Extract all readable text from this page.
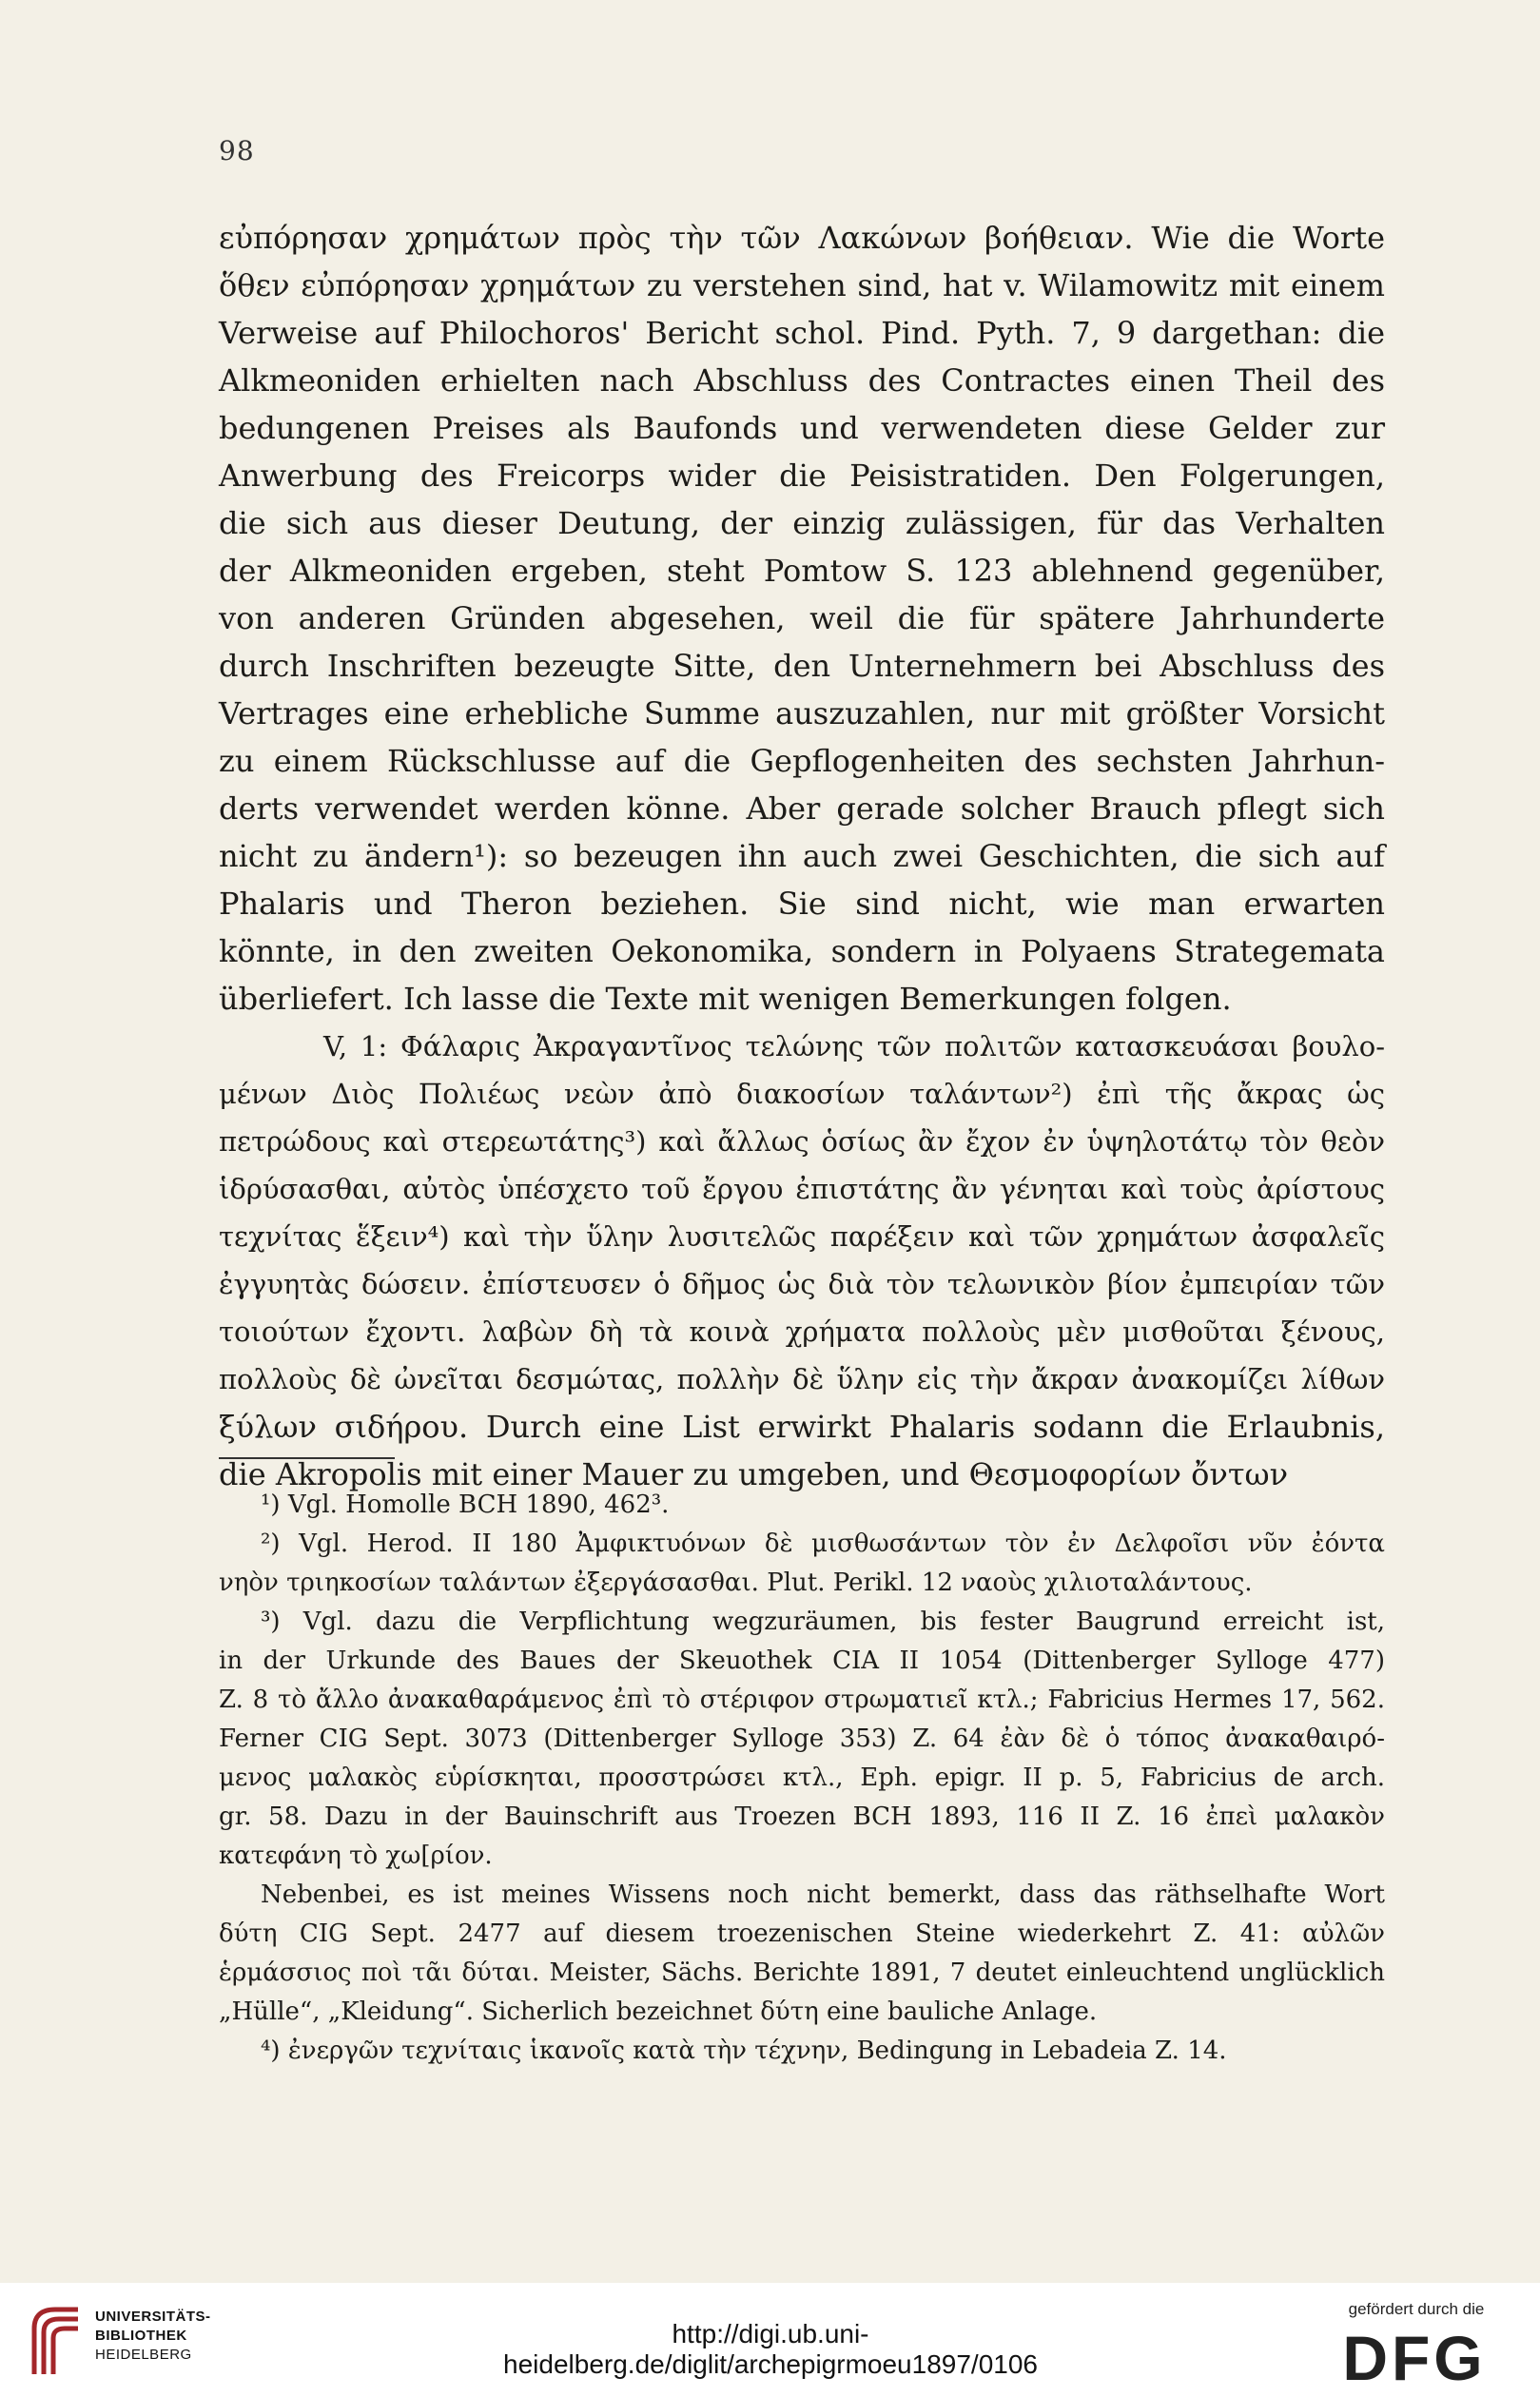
98
εὐπόρησαν χρημάτων πρὸς τὴν τῶν Λακώνων βοήθειαν. Wie die Worte
ὅθεν εὐπόρησαν χρημάτων zu verstehen sind, hat v. Wilamowitz mit einem
Verweise auf Philochoros' Bericht schol. Pind. Pyth. 7, 9 dargethan: die
Alkmeoniden erhielten nach Abschluss des Contractes einen Theil des
bedungenen Preises als Baufonds und verwendeten diese Gelder zur
Anwerbung des Freicorps wider die Peisistratiden. Den Folgerungen,
die sich aus dieser Deutung, der einzig zulässigen, für das Verhalten
der Alkmeoniden ergeben, steht Pomtow S. 123 ablehnend gegenüber,
von anderen Gründen abgesehen, weil die für spätere Jahrhunderte
durch Inschriften bezeugte Sitte, den Unternehmern bei Abschluss des
Vertrages eine erhebliche Summe auszuzahlen, nur mit größter Vorsicht
zu einem Rückschlusse auf die Gepflogenheiten des sechsten Jahrhun-
derts verwendet werden könne. Aber gerade solcher Brauch pflegt sich
nicht zu ändern¹): so bezeugen ihn auch zwei Geschichten, die sich auf
Phalaris und Theron beziehen. Sie sind nicht, wie man erwarten
könnte, in den zweiten Oekonomika, sondern in Polyaens Strategemata
überliefert. Ich lasse die Texte mit wenigen Bemerkungen folgen.
V, 1: Φάλαρις Ἀκραγαντῖνος τελώνης τῶν πολιτῶν κατασκευάσαι βουλο-
μένων Διὸς Πολιέως νεὼν ἀπὸ διακοσίων ταλάντων²) ἐπὶ τῆς ἄκρας ὡς
πετρώδους καὶ στερεωτάτης³) καὶ ἄλλως ὁσίως ἂν ἔχον ἐν ὑψηλοτάτῳ τὸν θεὸν
ἱδρύσασθαι, αὐτὸς ὑπέσχετο τοῦ ἔργου ἐπιστάτης ἂν γένηται καὶ τοὺς ἀρίστους
τεχνίτας ἕξειν⁴) καὶ τὴν ὕλην λυσιτελῶς παρέξειν καὶ τῶν χρημάτων ἀσφαλεῖς
ἐγγυητὰς δώσειν. ἐπίστευσεν ὁ δῆμος ὡς διὰ τὸν τελωνικὸν βίον ἐμπειρίαν τῶν
τοιούτων ἔχοντι. λαβὼν δὴ τὰ κοινὰ χρήματα πολλοὺς μὲν μισθοῦται ξένους,
πολλοὺς δὲ ὠνεῖται δεσμώτας, πολλὴν δὲ ὕλην εἰς τὴν ἄκραν ἀνακομίζει λίθων
ξύλων σιδήρου. Durch eine List erwirkt Phalaris sodann die Erlaubnis,
die Akropolis mit einer Mauer zu umgeben, und Θεσμοφορίων ὄντων
¹) Vgl. Homolle BCH 1890, 462³.
²) Vgl. Herod. II 180 Ἀμφικτυόνων δὲ μισθωσάντων τὸν ἐν Δελφοῖσι νῦν ἐόντα
νηὸν τριηκοσίων ταλάντων ἐξεργάσασθαι. Plut. Perikl. 12 ναοὺς χιλιοταλάντους.
³) Vgl. dazu die Verpflichtung wegzuräumen, bis fester Baugrund erreicht ist,
in der Urkunde des Baues der Skeuothek CIA II 1054 (Dittenberger Sylloge 477)
Z. 8 τὸ ἄλλο ἀνακαθαράμενος ἐπὶ τὸ στέριφον στρωματιεῖ κτλ.; Fabricius Hermes 17, 562.
Ferner CIG Sept. 3073 (Dittenberger Sylloge 353) Z. 64 ἐὰν δὲ ὁ τόπος ἀνακαθαιρό-
μενος μαλακὸς εὑρίσκηται, προσστρώσει κτλ., Eph. epigr. II p. 5, Fabricius de arch.
gr. 58. Dazu in der Bauinschrift aus Troezen BCH 1893, 116 II Z. 16 ἐπεὶ μαλακὸν
κατεφάνη τὸ χω[ρίον.
Nebenbei, es ist meines Wissens noch nicht bemerkt, dass das räthselhafte Wort
δύτη CIG Sept. 2477 auf diesem troezenischen Steine wiederkehrt Z. 41: αὐλῶν
ἑρμάσσιος ποὶ τᾶι δύται. Meister, Sächs. Berichte 1891, 7 deutet einleuchtend unglücklich
„Hülle“, „Kleidung“. Sicherlich bezeichnet δύτη eine bauliche Anlage.
⁴) ἐνεργῶν τεχνίταις ἱκανοῖς κατὰ τὴν τέχνην, Bedingung in Lebadeia Z. 14.
UNIVERSITÄTS-
BIBLIOTHEK
HEIDELBERG
http://digi.ub.uni-heidelberg.de/diglit/archepigrmoeu1897/0106
gefördert durch die
DFG
